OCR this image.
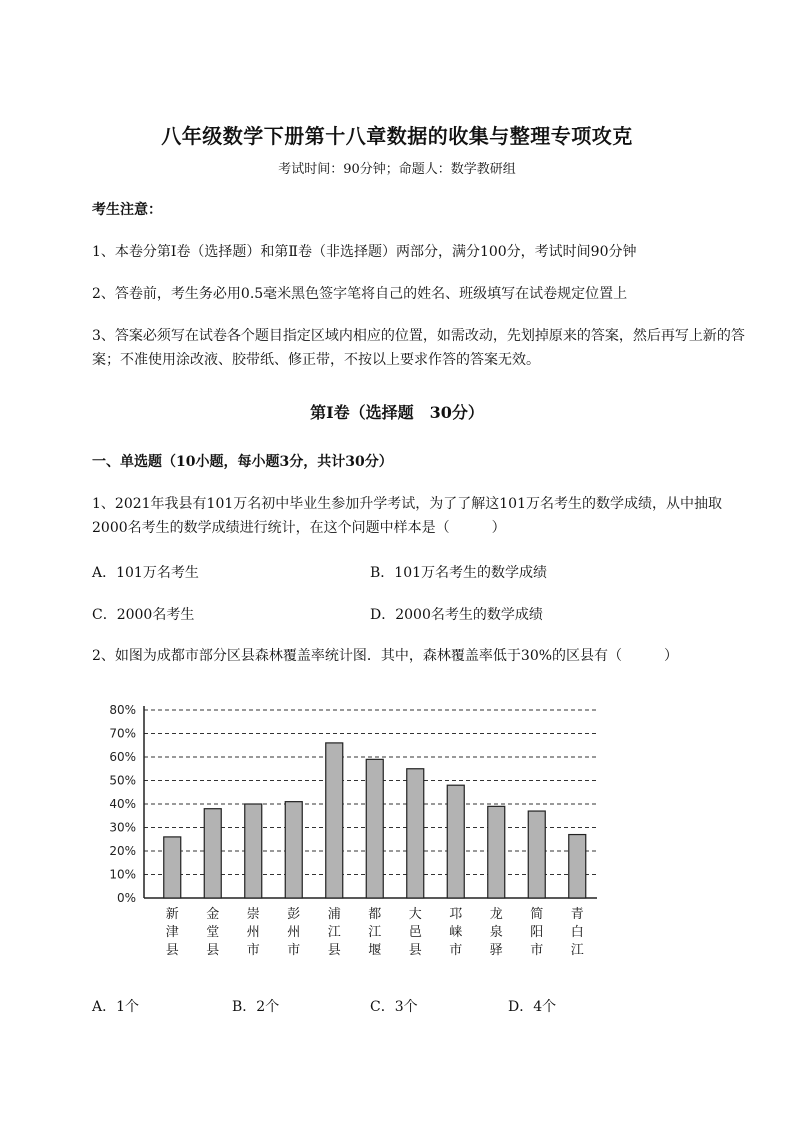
八年级数学下册第十八章数据的收集与整理专项攻克
考试时间：90分钟；命题人：数学教研组
考生注意：
1、本卷分第I卷（选择题）和第Ⅱ卷（非选择题）两部分，满分100分，考试时间90分钟
2、答卷前，考生务必用0.5毫米黑色签字笔将自己的姓名、班级填写在试卷规定位置上
3、答案必须写在试卷各个题目指定区域内相应的位置，如需改动，先划掉原来的答案，然后再写上新的答案；不准使用涂改液、胶带纸、修正带，不按以上要求作答的答案无效。
第I卷（选择题　30分）
一、单选题（10小题，每小题3分，共计30分）
1、2021年我县有101万名初中毕业生参加升学考试，为了了解这101万名考生的数学成绩，从中抽取2000名考生的数学成绩进行统计，在这个问题中样本是（　　　）
A．101万名考生	B．101万名考生的数学成绩
C．2000名考生	D．2000名考生的数学成绩
2、如图为成都市部分区县森林覆盖率统计图．其中，森林覆盖率低于30%的区县有（　　　）
0%
10%
20%
30%
40%
50%
60%
70%
80%
新
津
县
金
堂
县
崇
州
市
彭
州
市
浦
江
县
都
江
堰
大
邑
县
邛
崃
市
龙
泉
驿
简
阳
市
青
白
江
A．1个	B．2个	C．3个	D．4个
